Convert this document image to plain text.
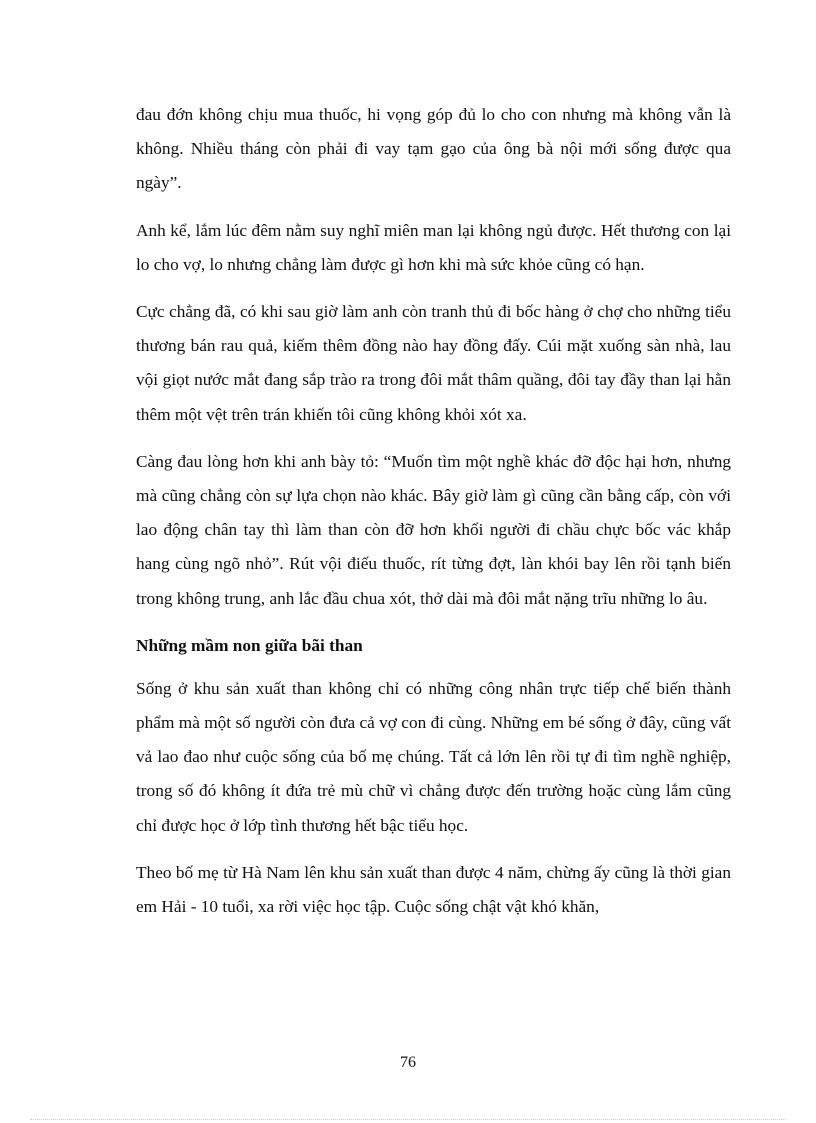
đau đớn không chịu mua thuốc, hi vọng góp đủ lo cho con nhưng mà không vẫn là không. Nhiều tháng còn phải đi vay tạm gạo của ông bà nội mới sống được qua ngày”.

Anh kể, lắm lúc đêm nằm suy nghĩ miên man lại không ngủ được. Hết thương con lại lo cho vợ, lo nhưng chẳng làm được gì hơn khi mà sức khỏe cũng có hạn.

Cực chẳng đã, có khi sau giờ làm anh còn tranh thủ đi bốc hàng ở chợ cho những tiểu thương bán rau quả, kiếm thêm đồng nào hay đồng đấy. Cúi mặt xuống sàn nhà, lau vội giọt nước mắt đang sắp trào ra trong đôi mắt thâm quầng, đôi tay đầy than lại hằn thêm một vệt trên trán khiến tôi cũng không khỏi xót xa.

Càng đau lòng hơn khi anh bày tỏ: “Muốn tìm một nghề khác đỡ độc hại hơn, nhưng mà cũng chẳng còn sự lựa chọn nào khác. Bây giờ làm gì cũng cần bằng cấp, còn với lao động chân tay thì làm than còn đỡ hơn khối người đi chầu chực bốc vác khắp hang cùng ngõ nhỏ”. Rút vội điếu thuốc, rít từng đợt, làn khói bay lên rồi tạnh biến trong không trung, anh lắc đầu chua xót, thở dài mà đôi mắt nặng trĩu những lo âu.

Những mầm non giữa bãi than

Sống ở khu sản xuất than không chỉ có những công nhân trực tiếp chế biến thành phẩm mà một số người còn đưa cả vợ con đi cùng. Những em bé sống ở đây, cũng vất vả lao đao như cuộc sống của bố mẹ chúng. Tất cả lớn lên rồi tự đi tìm nghề nghiệp, trong số đó không ít đứa trẻ mù chữ vì chẳng được đến trường hoặc cùng lắm cũng chỉ được học ở lớp tình thương hết bậc tiểu học.

Theo bố mẹ từ Hà Nam lên khu sản xuất than được 4 năm, chừng ấy cũng là thời gian em Hải - 10 tuổi, xa rời việc học tập. Cuộc sống chật vật khó khăn,

76
